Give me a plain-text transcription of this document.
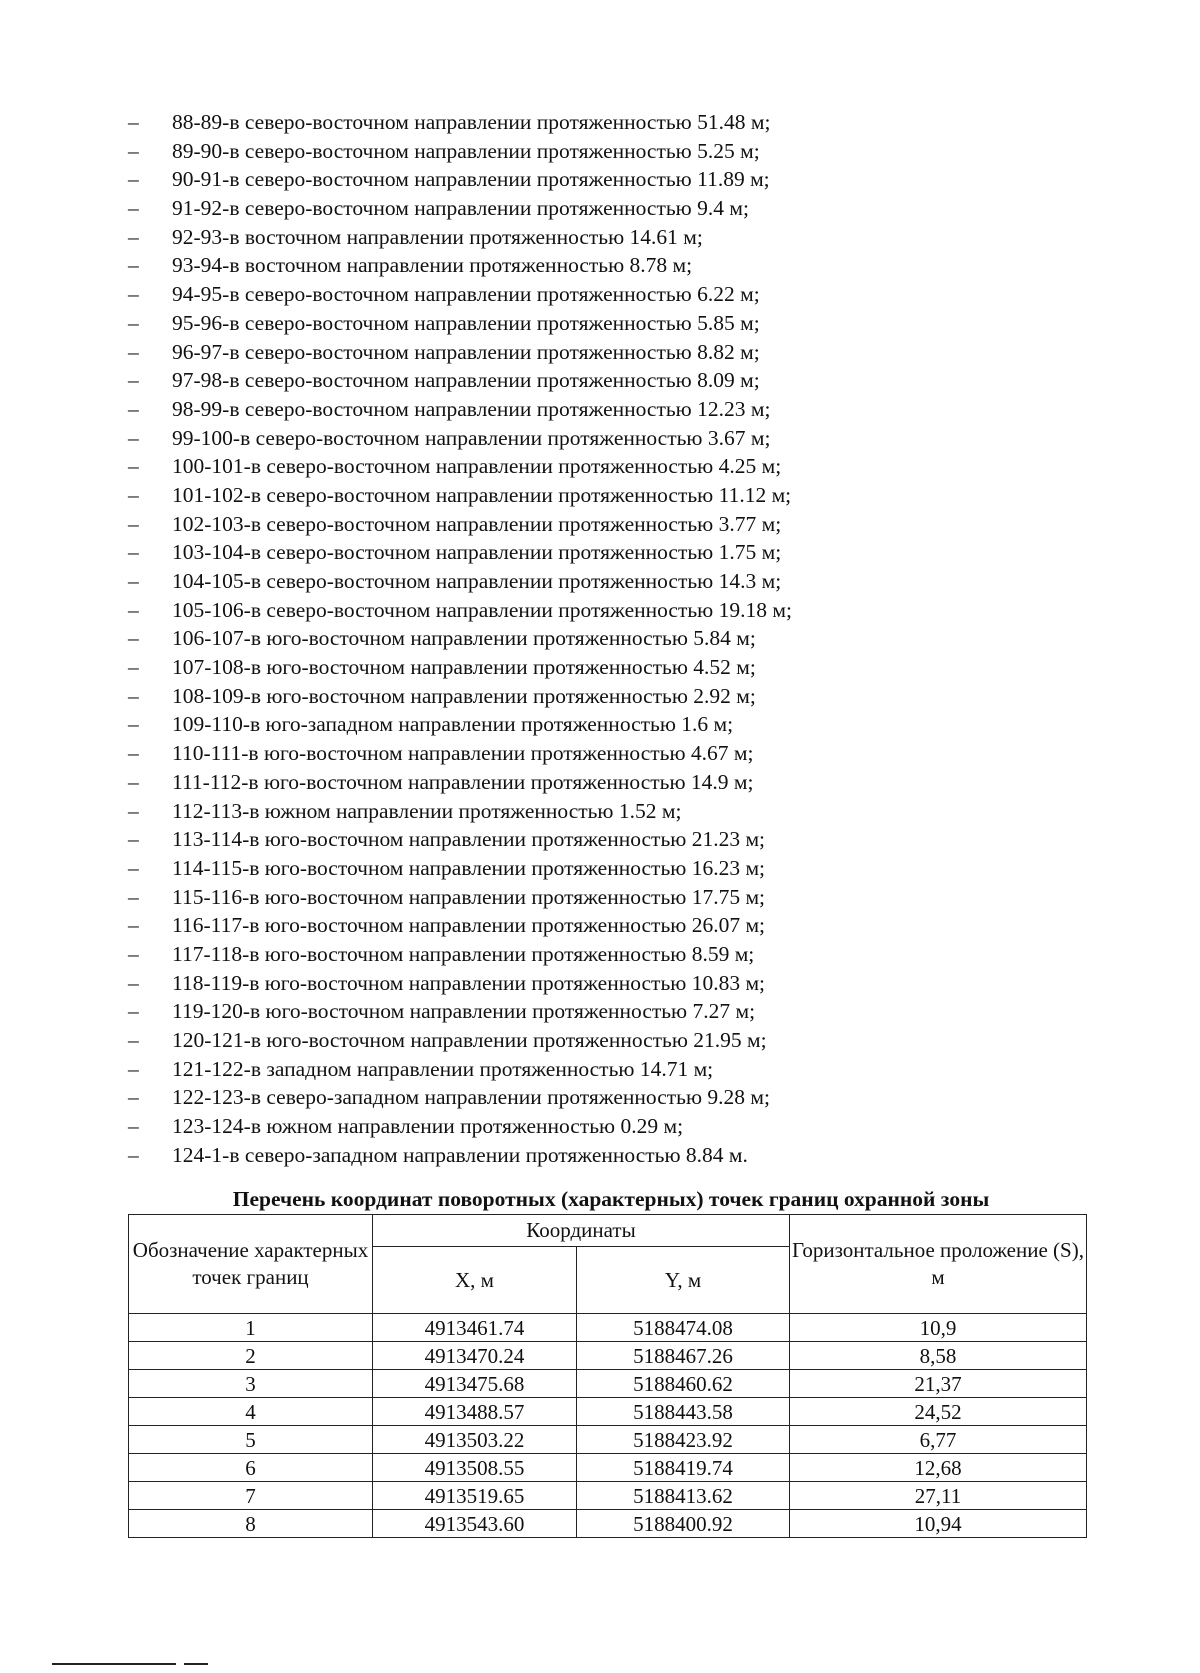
–	88-89-в северо-восточном направлении протяженностью 51.48 м;
–	89-90-в северо-восточном направлении протяженностью 5.25 м;
–	90-91-в северо-восточном направлении протяженностью 11.89 м;
–	91-92-в северо-восточном направлении протяженностью 9.4 м;
–	92-93-в восточном направлении протяженностью 14.61 м;
–	93-94-в восточном направлении протяженностью 8.78 м;
–	94-95-в северо-восточном направлении протяженностью 6.22 м;
–	95-96-в северо-восточном направлении протяженностью 5.85 м;
–	96-97-в северо-восточном направлении протяженностью 8.82 м;
–	97-98-в северо-восточном направлении протяженностью 8.09 м;
–	98-99-в северо-восточном направлении протяженностью 12.23 м;
–	99-100-в северо-восточном направлении протяженностью 3.67 м;
–	100-101-в северо-восточном направлении протяженностью 4.25 м;
–	101-102-в северо-восточном направлении протяженностью 11.12 м;
–	102-103-в северо-восточном направлении протяженностью 3.77 м;
–	103-104-в северо-восточном направлении протяженностью 1.75 м;
–	104-105-в северо-восточном направлении протяженностью 14.3 м;
–	105-106-в северо-восточном направлении протяженностью 19.18 м;
–	106-107-в юго-восточном направлении протяженностью 5.84 м;
–	107-108-в юго-восточном направлении протяженностью 4.52 м;
–	108-109-в юго-восточном направлении протяженностью 2.92 м;
–	109-110-в юго-западном направлении протяженностью 1.6 м;
–	110-111-в юго-восточном направлении протяженностью 4.67 м;
–	111-112-в юго-восточном направлении протяженностью 14.9 м;
–	112-113-в южном направлении протяженностью 1.52 м;
–	113-114-в юго-восточном направлении протяженностью 21.23 м;
–	114-115-в юго-восточном направлении протяженностью 16.23 м;
–	115-116-в юго-восточном направлении протяженностью 17.75 м;
–	116-117-в юго-восточном направлении протяженностью 26.07 м;
–	117-118-в юго-восточном направлении протяженностью 8.59 м;
–	118-119-в юго-восточном направлении протяженностью 10.83 м;
–	119-120-в юго-восточном направлении протяженностью 7.27 м;
–	120-121-в юго-восточном направлении протяженностью 21.95 м;
–	121-122-в западном направлении протяженностью 14.71 м;
–	122-123-в северо-западном направлении протяженностью 9.28 м;
–	123-124-в южном направлении протяженностью 0.29 м;
–	124-1-в северо-западном направлении протяженностью 8.84 м.
Перечень координат поворотных (характерных) точек границ охранной зоны
Обозначение характерных точек границ	Координаты		Горизонтальное проложение (S), м
	X, м	Y, м	
1	4913461.74	5188474.08	10,9
2	4913470.24	5188467.26	8,58
3	4913475.68	5188460.62	21,37
4	4913488.57	5188443.58	24,52
5	4913503.22	5188423.92	6,77
6	4913508.55	5188419.74	12,68
7	4913519.65	5188413.62	27,11
8	4913543.60	5188400.92	10,94
